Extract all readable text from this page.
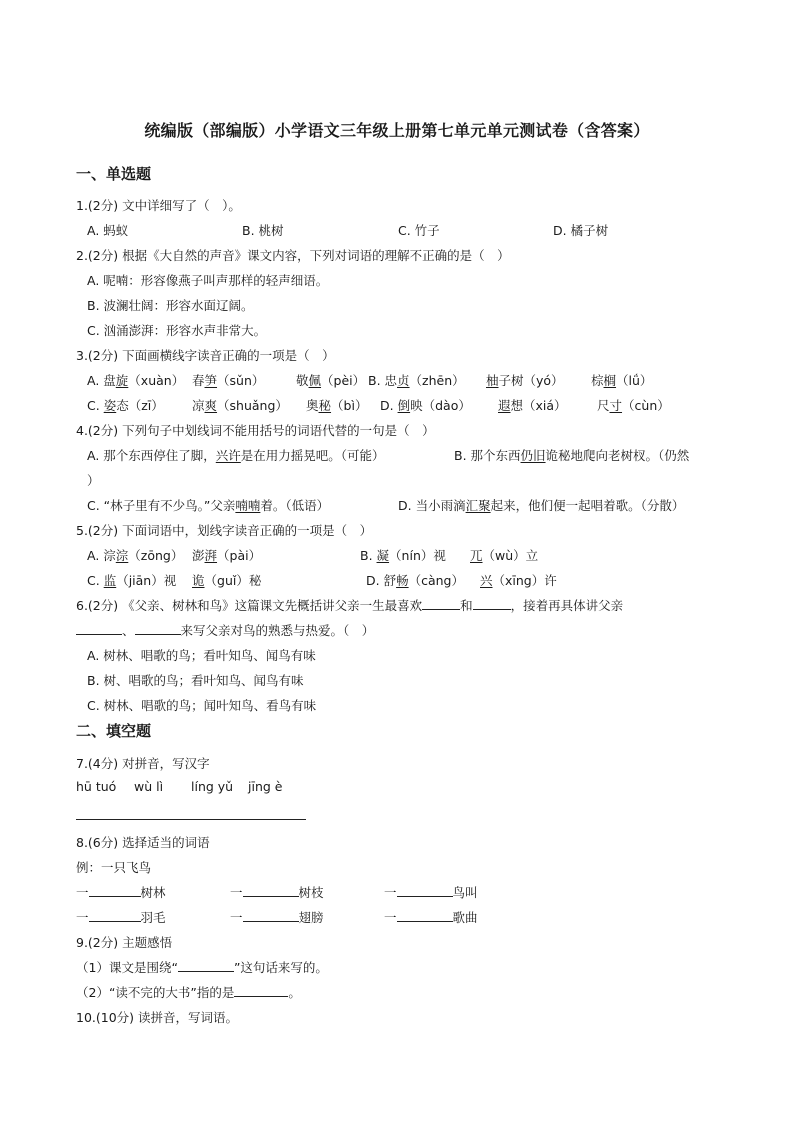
统编版（部编版）小学语文三年级上册第七单元单元测试卷（含答案）
一、单选题
1.(2分) 文中详细写了（　）。
A. 蚂蚁	B. 桃树	C. 竹子	D. 橘子树
2.(2分) 根据《大自然的声音》课文内容，下列对词语的理解不正确的是（　）
A. 呢喃：形容像燕子叫声那样的轻声细语。
B. 波澜壮阔：形容水面辽阔。
C. 汹涌澎湃：形容水声非常大。
3.(2分) 下面画横线字读音正确的一项是（　）
A. 盘旋（xuàn） 春笋（sǔn）	敬佩（pèi） B. 忠贞（zhēn） 柚子树（yó） 棕榈（lǘ）
C. 姿态（zī） 凉爽（shuǎng） 奥秘（bì） D. 倒映（dào） 遐想（xiá） 尺寸（cùn）
4.(2分) 下列句子中划线词不能用括号的词语代替的一句是（　）
A. 那个东西停住了脚，兴许是在用力摇晃吧。（可能）	B. 那个东西仍旧诡秘地爬向老树杈。（仍然
）
C. “林子里有不少鸟。”父亲喃喃着。（低语）	D. 当小雨滴汇聚起来，他们便一起唱着歌。（分散）
5.(2分) 下面词语中，划线字读音正确的一项是（　）
A. 淙淙（zōng） 澎湃（pài）	B. 凝（nín）视 兀（wù）立
C. 监（jiān）视 诡（guǐ）秘	D. 舒畅（càng） 兴（xīng）许
6.(2分) 《父亲、树林和鸟》这篇课文先概括讲父亲一生最喜欢	和	，接着再具体讲父亲
、	来写父亲对鸟的熟悉与热爱。（　）
A. 树林、唱歌的鸟；看叶知鸟、闻鸟有味
B. 树、唱歌的鸟；看叶知鸟、闻鸟有味
C. 树林、唱歌的鸟；闻叶知鸟、看鸟有味
二、填空题
7.(4分) 对拼音，写汉字
hū tuó wù lì líng yǔ jīng è
8.(6分) 选择适当的词语
例：一只飞鸟
一	树林	一	树枝	一	鸟叫
一	羽毛	一	翅膀	一	歌曲
9.(2分) 主题感悟
（1）课文是围绕“	”这句话来写的。
（2）“读不完的大书”指的是	。
10.(10分) 读拼音，写词语。
